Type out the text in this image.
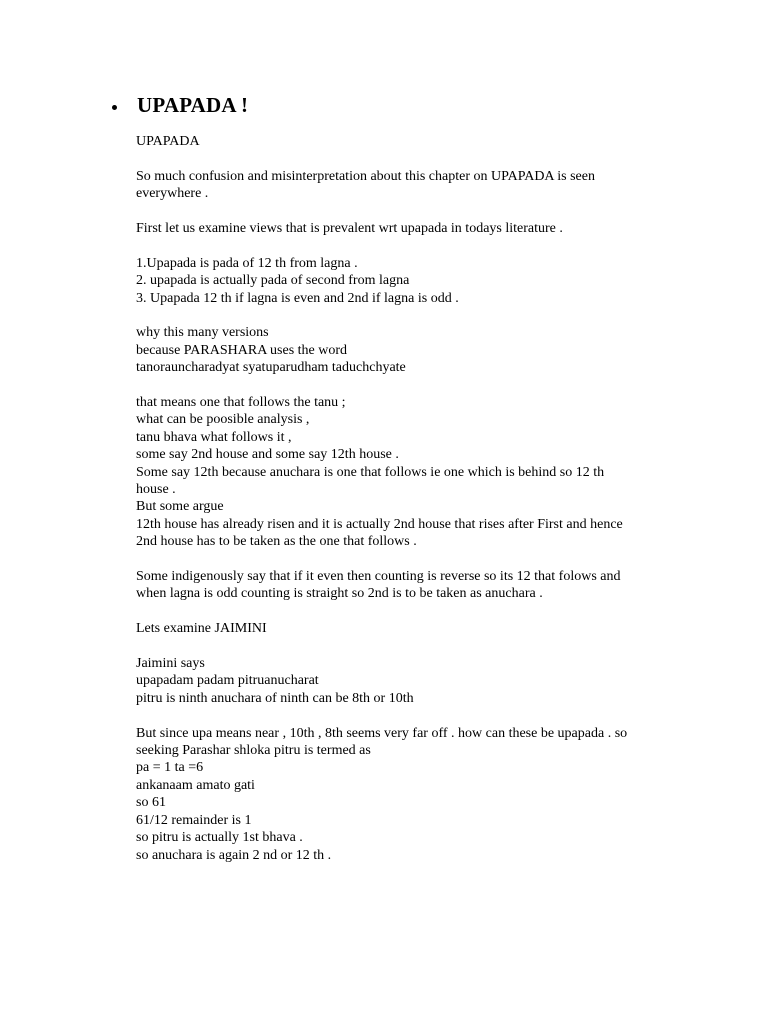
UPAPADA !
UPAPADA
So much confusion and misinterpretation about this chapter on UPAPADA is seen
everywhere .
First let us examine views that is prevalent wrt upapada in todays literature .
1.Upapada is pada of 12 th from lagna .
2. upapada is actually pada of second from lagna
3. Upapada 12 th if lagna is even and 2nd if lagna is odd .
why this many versions
because PARASHARA uses the word
tanorauncharadyat syatuparudham taduchchyate
that means one that follows the tanu ;
what can be poosible analysis ,
tanu bhava what follows it ,
some say 2nd house and some say 12th house .
Some say 12th because anuchara is one that follows ie one which is behind so 12 th
house .
But some argue
12th house has already risen and it is actually 2nd house that rises after First and hence
2nd house has to be taken as the one that follows .
Some indigenously say that if it even then counting is reverse so its 12 that folows and
when lagna is odd counting is straight so 2nd is to be taken as anuchara .
Lets examine JAIMINI
Jaimini says
upapadam padam pitruanucharat
pitru is ninth anuchara of ninth can be 8th or 10th
But since upa means near , 10th , 8th seems very far off . how can these be upapada . so
seeking Parashar shloka pitru is termed as
pa = 1 ta =6
ankanaam amato gati
so 61
61/12 remainder is 1
so pitru is actually 1st bhava .
so anuchara is again 2 nd or 12 th .
